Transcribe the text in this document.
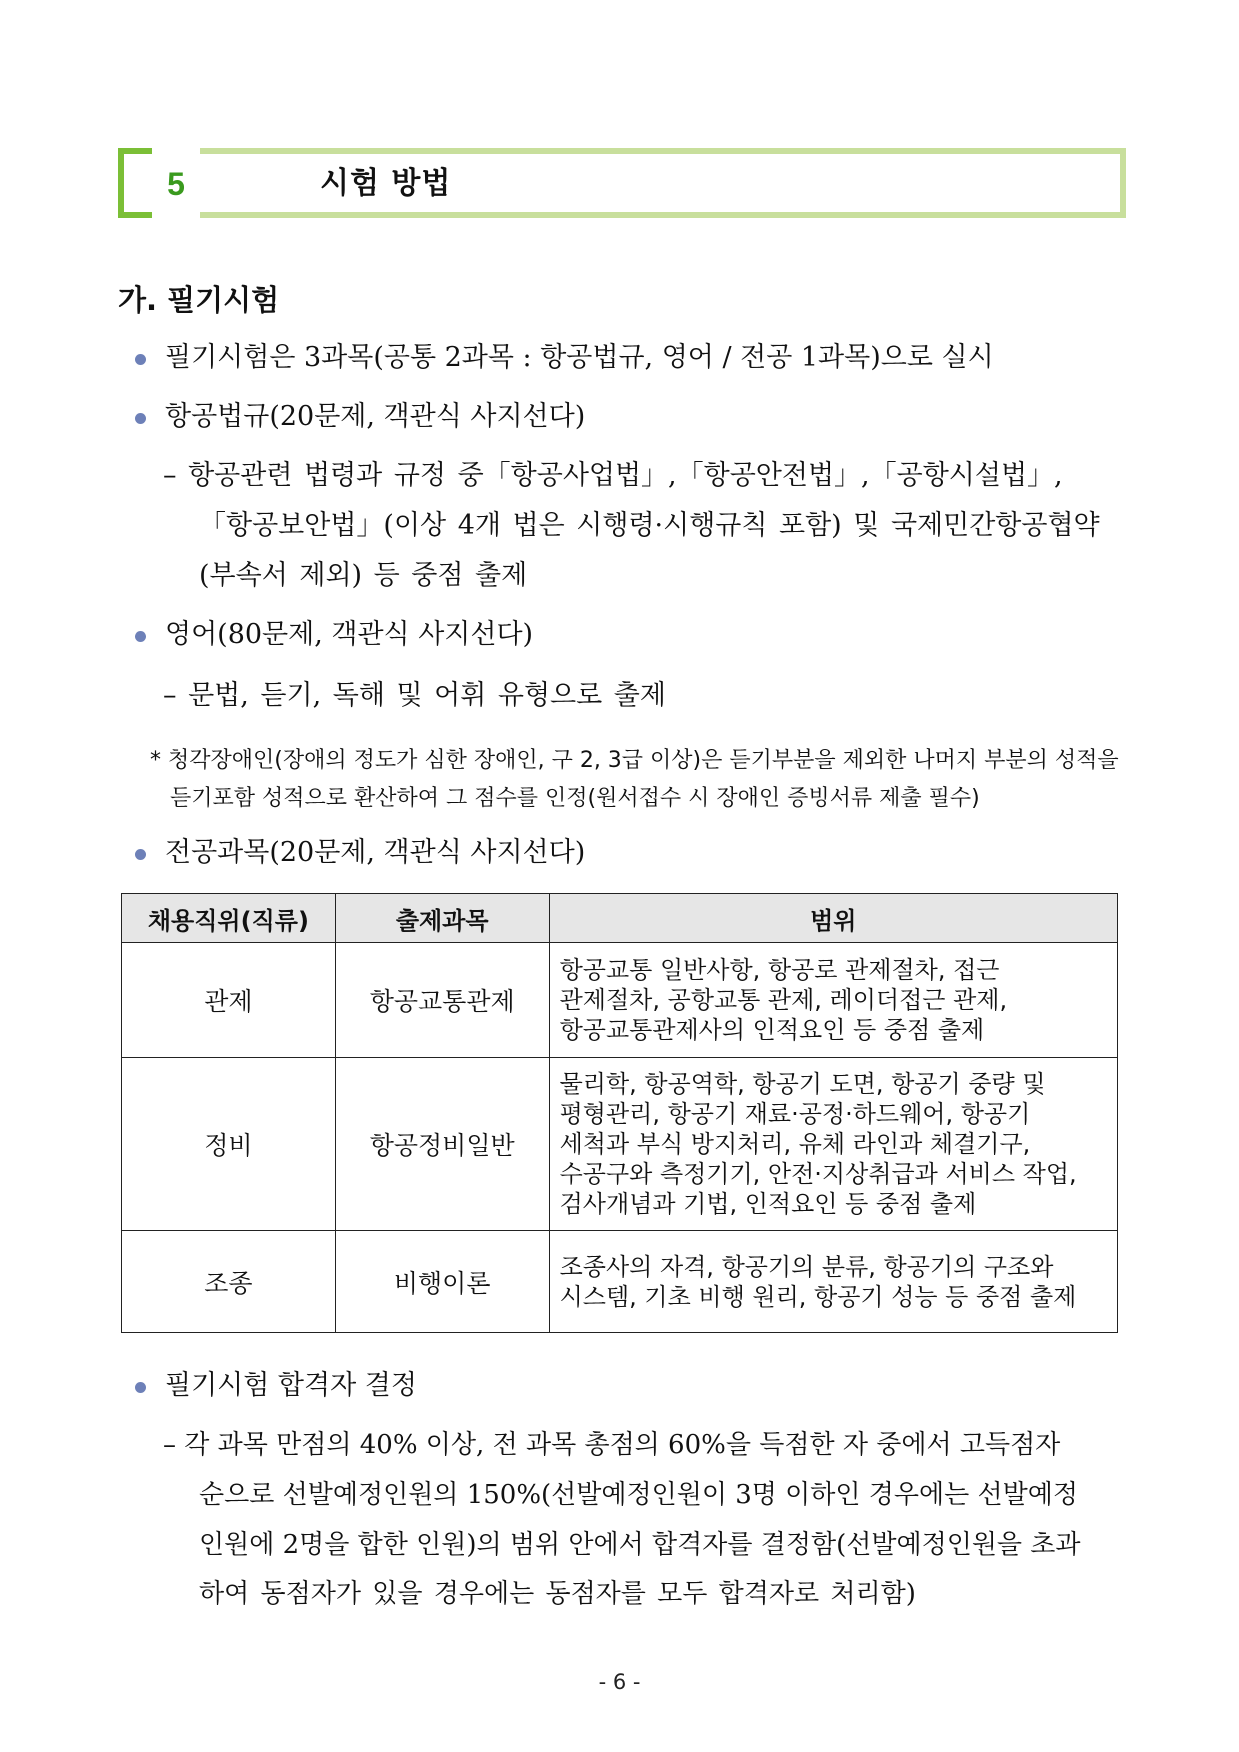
5	시험 방법
가. 필기시험
필기시험은 3과목(공통 2과목 : 항공법규, 영어 / 전공 1과목)으로 실시
항공법규(20문제, 객관식 사지선다)
– 항공관련 법령과 규정 중「항공사업법」,「항공안전법」,「공항시설법」,
「항공보안법」(이상 4개 법은 시행령·시행규칙 포함) 및 국제민간항공협약
(부속서 제외) 등 중점 출제
영어(80문제, 객관식 사지선다)
– 문법, 듣기, 독해 및 어휘 유형으로 출제
* 청각장애인(장애의 정도가 심한 장애인, 구 2, 3급 이상)은 듣기부분을 제외한 나머지 부분의 성적을
듣기포함 성적으로 환산하여 그 점수를 인정(원서접수 시 장애인 증빙서류 제출 필수)
전공과목(20문제, 객관식 사지선다)
채용직위(직류)	출제과목	범위
관제	항공교통관제	항공교통 일반사항, 항공로 관제절차, 접근
관제절차, 공항교통 관제, 레이더접근 관제,
항공교통관제사의 인적요인 등 중점 출제

정비	항공정비일반	물리학, 항공역학, 항공기 도면, 항공기 중량 및
평형관리, 항공기 재료·공정·하드웨어, 항공기
세척과 부식 방지처리, 유체 라인과 체결기구,
수공구와 측정기기, 안전·지상취급과 서비스 작업,
검사개념과 기법, 인적요인 등 중점 출제

조종	비행이론	조종사의 자격, 항공기의 분류, 항공기의 구조와
시스템, 기초 비행 원리, 항공기 성능 등 중점 출제
필기시험 합격자 결정
– 각 과목 만점의 40% 이상, 전 과목 총점의 60%을 득점한 자 중에서 고득점자
순으로 선발예정인원의 150%(선발예정인원이 3명 이하인 경우에는 선발예정
인원에 2명을 합한 인원)의 범위 안에서 합격자를 결정함(선발예정인원을 초과
하여 동점자가 있을 경우에는 동점자를 모두 합격자로 처리함)
- 6 -
